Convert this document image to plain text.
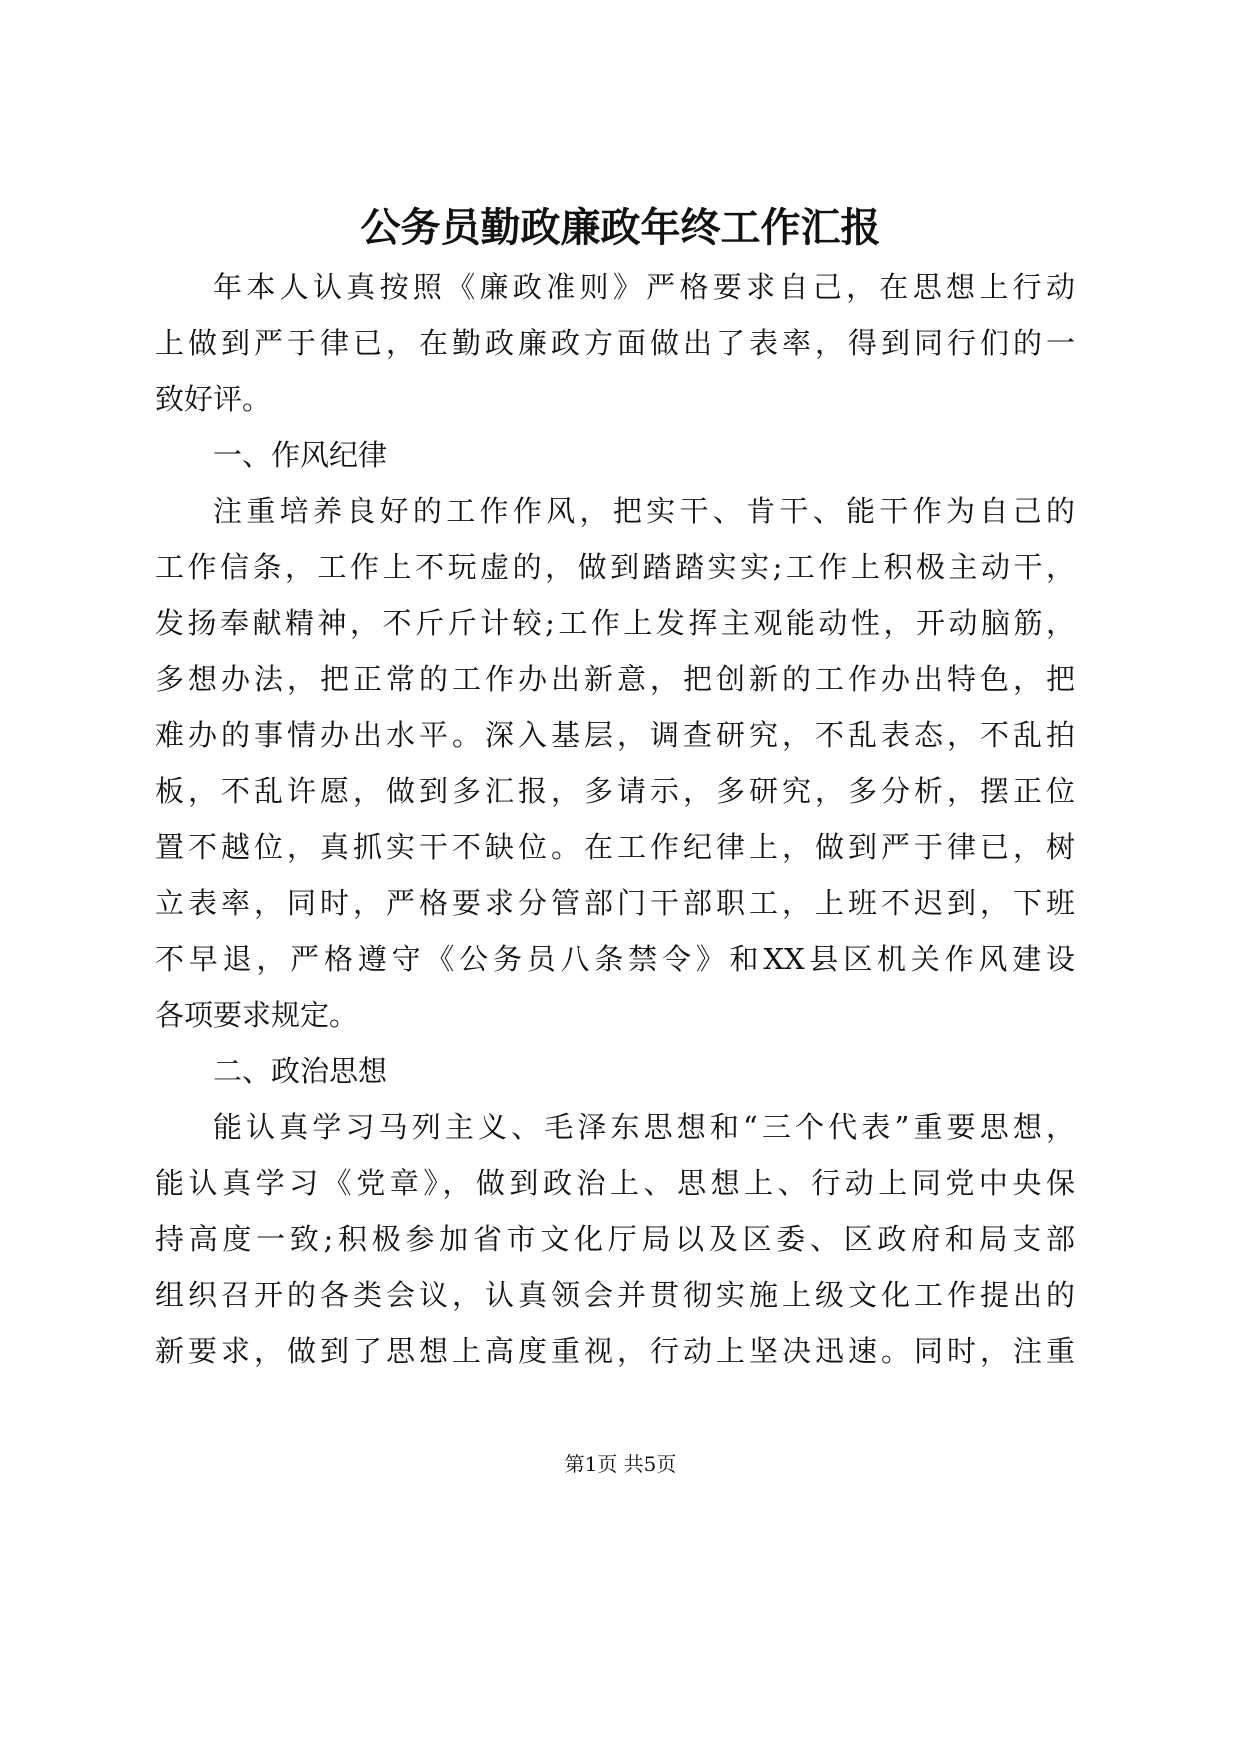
公务员勤政廉政年终工作汇报
年本人认真按照《廉政准则》严格要求自己，在思想上行动
上做到严于律已，在勤政廉政方面做出了表率，得到同行们的一
致好评。
一、作风纪律
注重培养良好的工作作风，把实干、肯干、能干作为自己的
工作信条，工作上不玩虚的，做到踏踏实实;工作上积极主动干，
发扬奉献精神，不斤斤计较;工作上发挥主观能动性，开动脑筋，
多想办法，把正常的工作办出新意，把创新的工作办出特色，把
难办的事情办出水平。深入基层，调查研究，不乱表态，不乱拍
板，不乱许愿，做到多汇报，多请示，多研究，多分析，摆正位
置不越位，真抓实干不缺位。在工作纪律上，做到严于律已，树
立表率，同时，严格要求分管部门干部职工，上班不迟到，下班
不早退，严格遵守《公务员八条禁令》和XX县区机关作风建设
各项要求规定。
二、政治思想
能认真学习马列主义、毛泽东思想和“三个代表”重要思想，
能认真学习《党章》，做到政治上、思想上、行动上同党中央保
持高度一致;积极参加省市文化厅局以及区委、区政府和局支部
组织召开的各类会议，认真领会并贯彻实施上级文化工作提出的
新要求，做到了思想上高度重视，行动上坚决迅速。同时，注重
第1页 共5页
